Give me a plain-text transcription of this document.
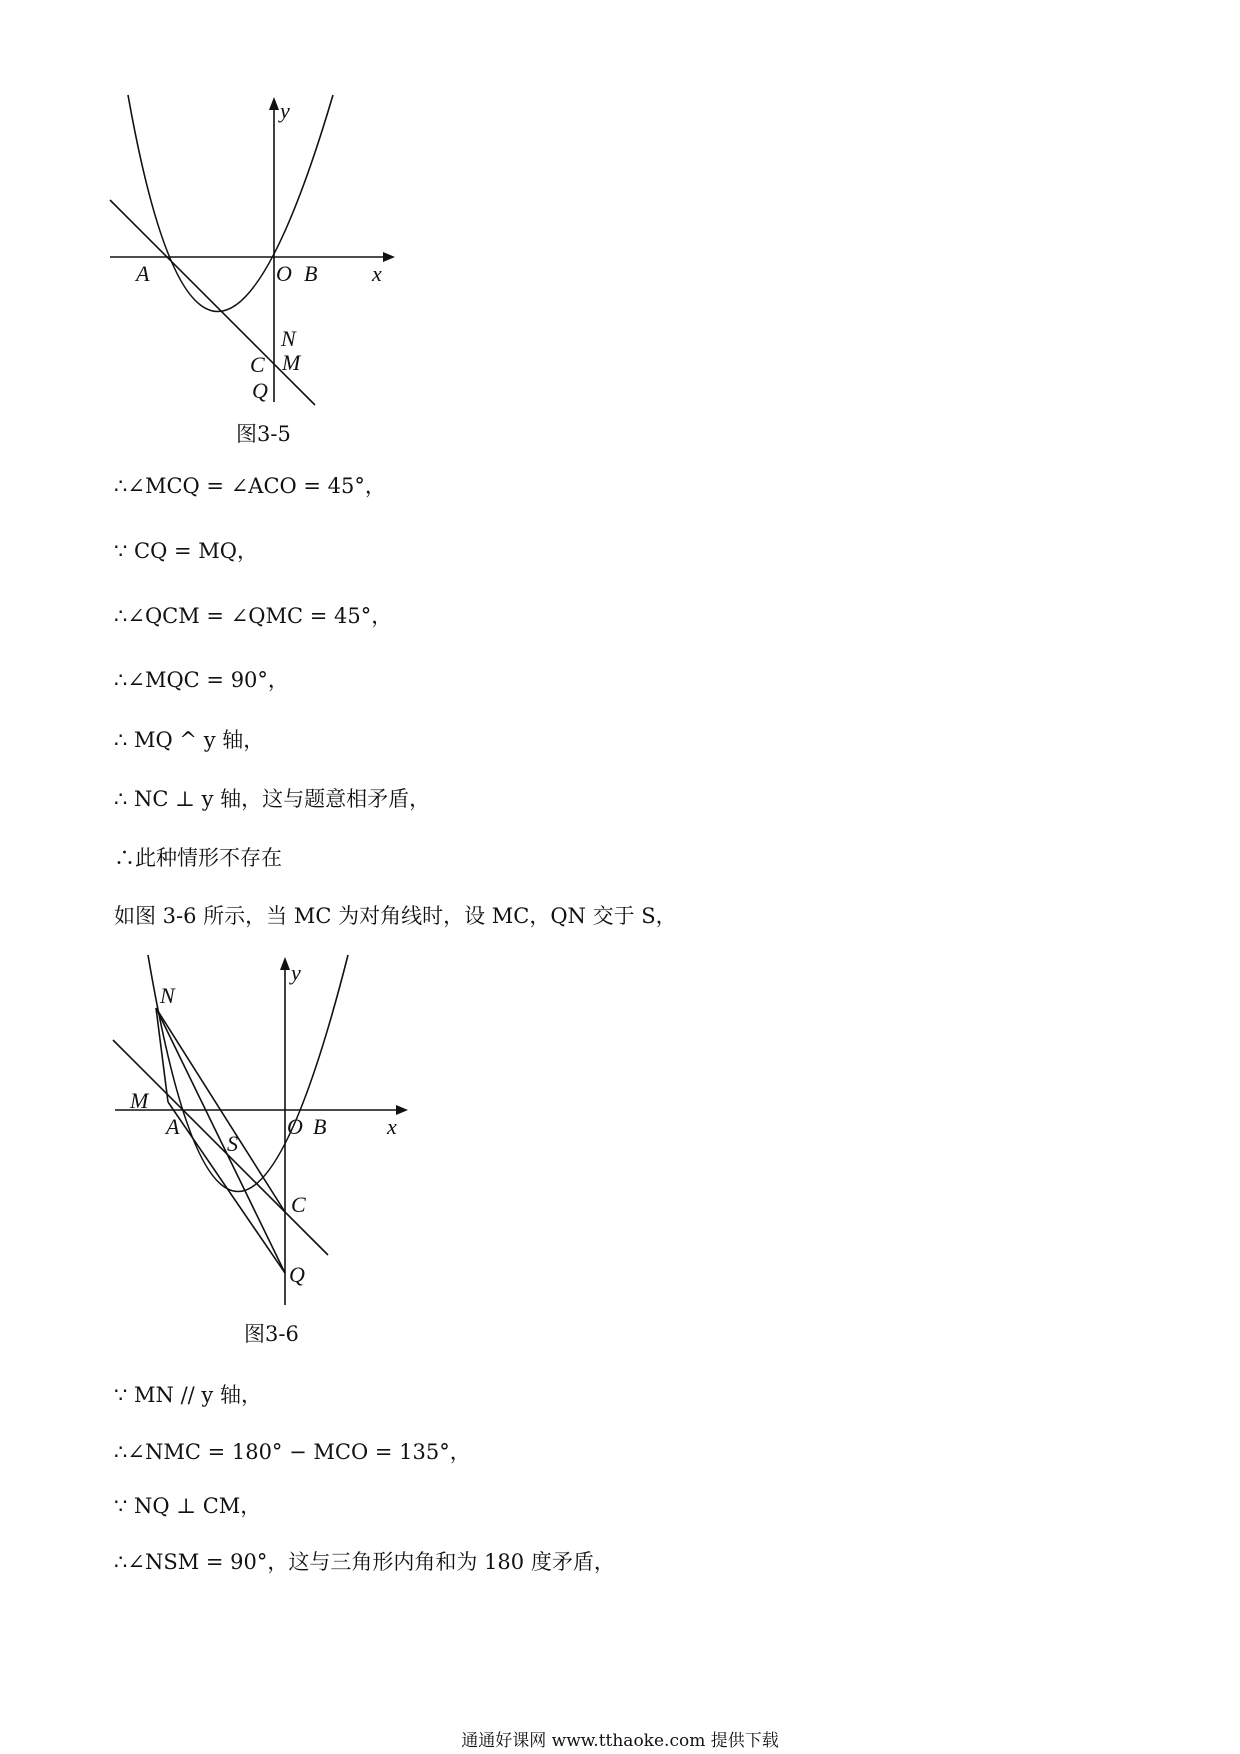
y
x
A	O B
N
C M
Q
图3-5
∴∠MCQ = ∠ACO = 45°，
∵ CQ = MQ，
∴∠QCM = ∠QMC = 45°，
∴∠MQC = 90°，
∴ MQ ^ y 轴，
∴ NC ⊥ y 轴，这与题意相矛盾，
∴此种情形不存在
如图 3-6 所示，当 MC 为对角线时，设 MC，QN 交于 S，
y
x
N
M
A	O B
S
C
Q
图3-6
∵ MN // y 轴，
∴∠NMC = 180° − MCO = 135°，
∵ NQ ⊥ CM，
∴∠NSM = 90°，这与三角形内角和为 180 度矛盾，
通通好课网 www.tthaoke.com 提供下载
